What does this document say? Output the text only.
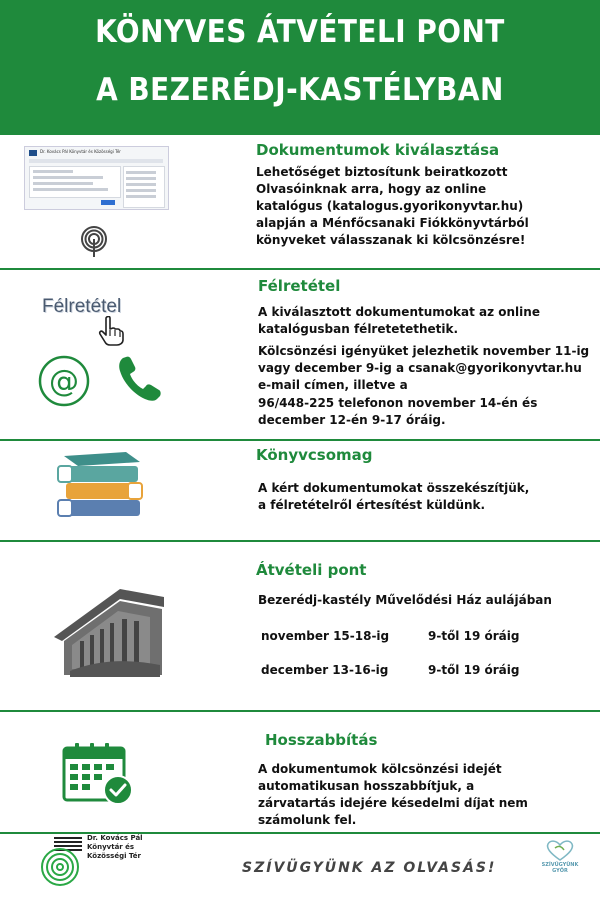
KÖNYVES ÁTVÉTELI PONT
A BEZERÉDJ-KASTÉLYBAN
Dr. Kovács Pál Könyvtár és Közösségi Tér	Dokumentumok kiválasztása
Lehetőséget biztosítunk beiratkozott
Olvasóinknak arra, hogy az online
katalógus (katalogus.gyorikonyvtar.hu)
alapján a Ménfőcsanaki Fiókkönyvtárból
könyveket válasszanak ki kölcsönzésre!
Félretétel
@
Félretétel
A kiválasztott dokumentumokat az online
katalógusban félretetethetik.
Kölcsönzési igényüket jelezhetik november 11-ig
vagy december 9-ig a csanak@gyorikonyvtar.hu
e-mail címen, illetve a
96/448-225 telefonon november 14-én és
december 12-én 9-17 óráig.
Könyvcsomag
A kért dokumentumokat összekészítjük,
a félretételről értesítést küldünk.
Átvételi pont
Bezerédj-kastély Művelődési Ház aulájában
november 15-18-ig	9-től 19 óráig
december 13-16-ig	9-től 19 óráig
Hosszabbítás
A dokumentumok kölcsönzési idejét
automatikusan hosszabbítjuk, a
zárvatartás idejére késedelmi díjat nem
számolunk fel.
Dr. Kovács Pál
Könyvtár és
Közösségi Tér
SZÍVÜGYÜNK AZ OLVASÁS!	SZÍVÜGYÜNK
GYŐR
